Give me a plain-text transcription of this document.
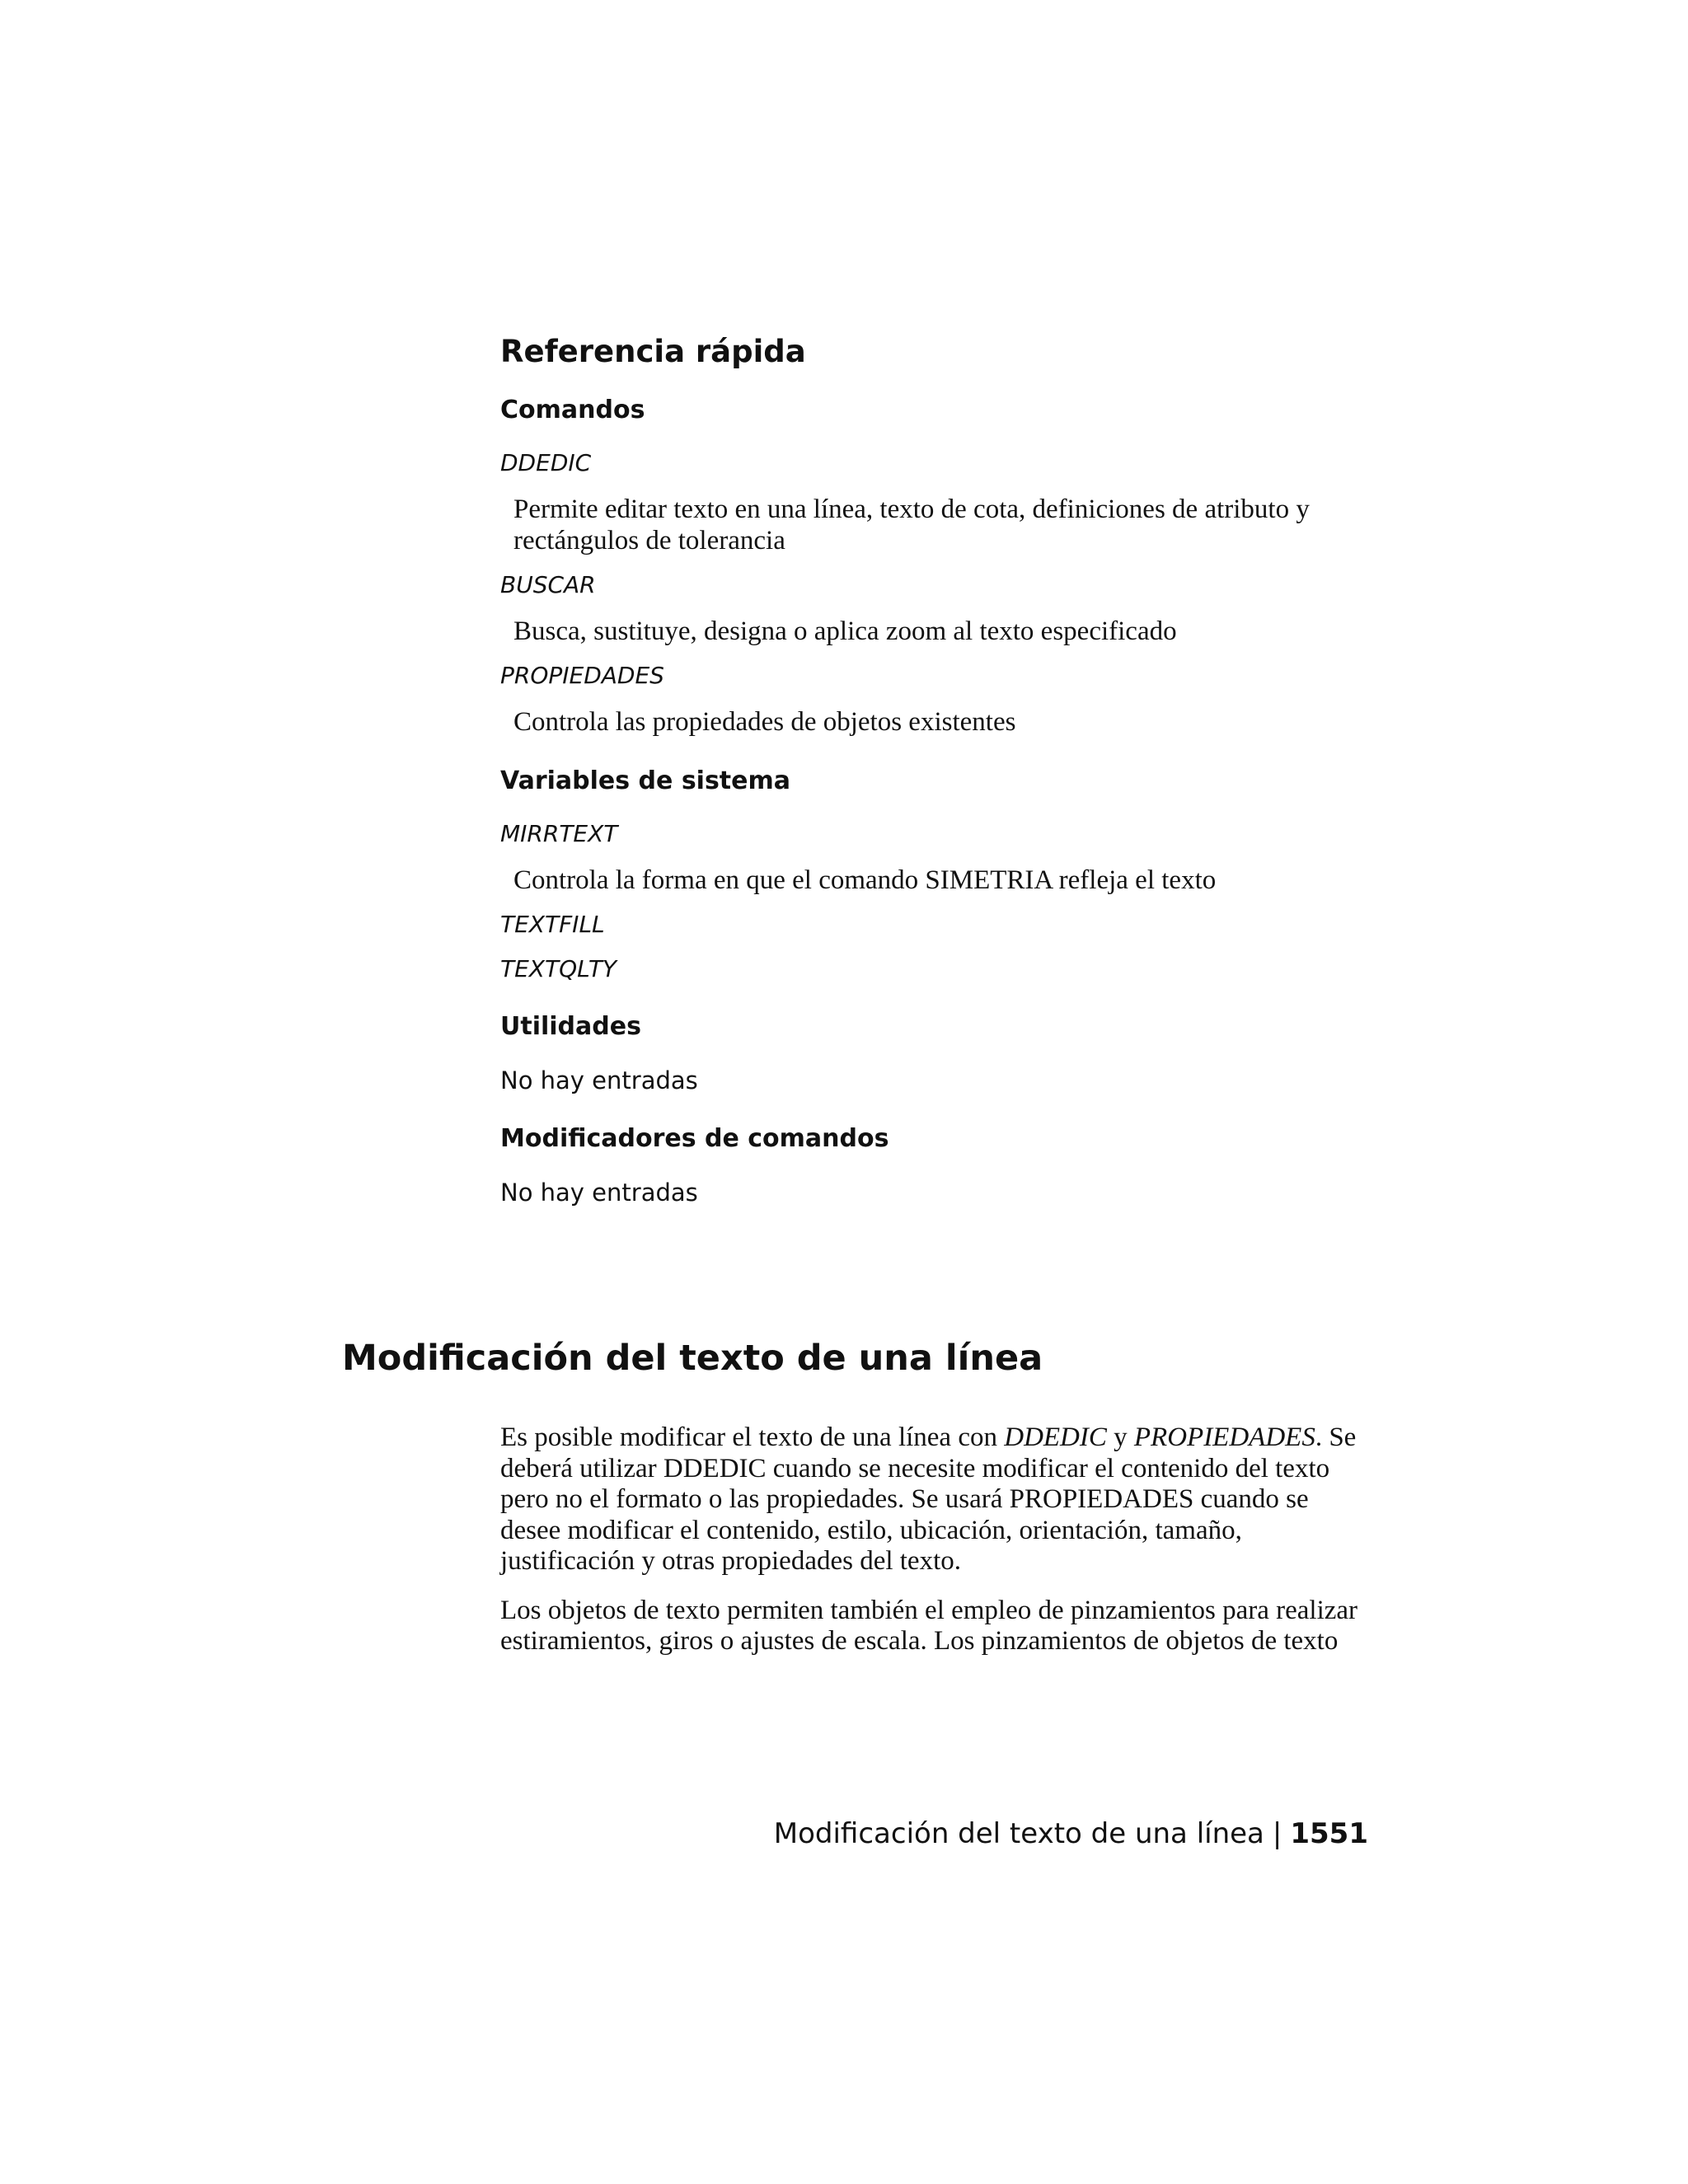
Referencia rápida
Comandos
DDEDIC
Permite editar texto en una línea, texto de cota, definiciones de atributo y rectángulos de tolerancia
BUSCAR
Busca, sustituye, designa o aplica zoom al texto especificado
PROPIEDADES
Controla las propiedades de objetos existentes
Variables de sistema
MIRRTEXT
Controla la forma en que el comando SIMETRIA refleja el texto
TEXTFILL
TEXTQLTY
Utilidades

No hay entradas

Modificadores de comandos

No hay entradas

Modificación del texto de una línea

Es posible modificar el texto de una línea con DDEDIC y PROPIEDADES. Se deberá utilizar DDEDIC cuando se necesite modificar el contenido del texto pero no el formato o las propiedades. Se usará PROPIEDADES cuando se desee modificar el contenido, estilo, ubicación, orientación, tamaño, justificación y otras propiedades del texto.

Los objetos de texto permiten también el empleo de pinzamientos para realizar estiramientos, giros o ajustes de escala. Los pinzamientos de objetos de texto

Modificación del texto de una línea | 1551
